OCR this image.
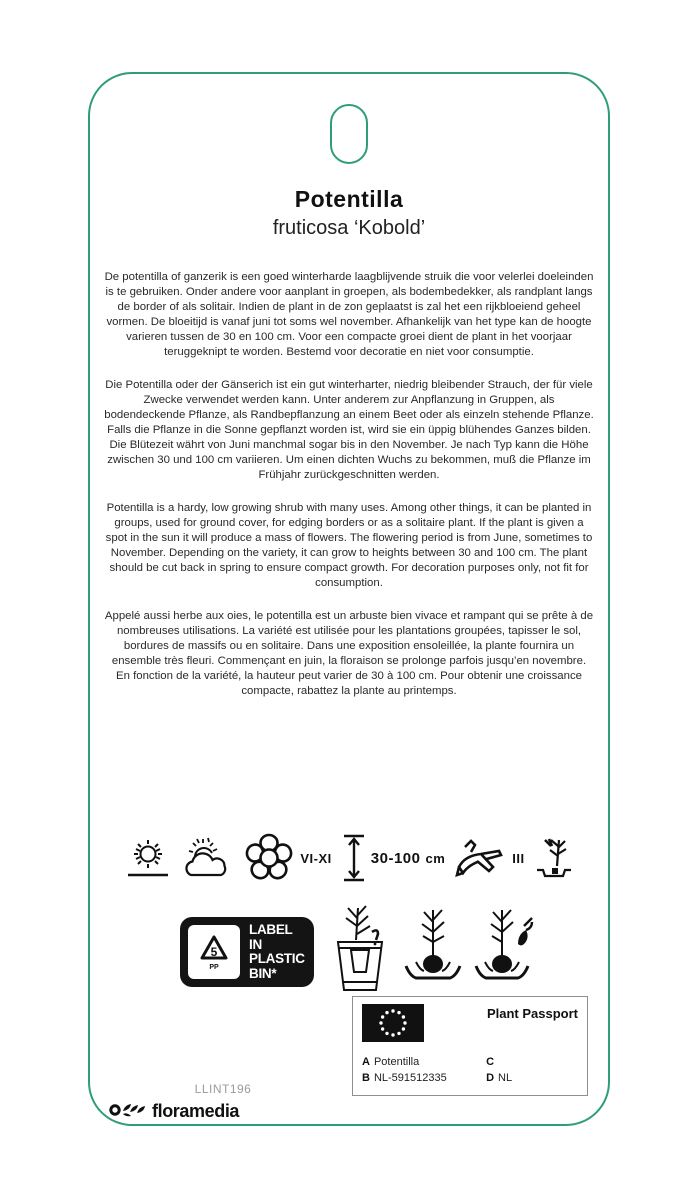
Potentilla
fruticosa ‘Kobold’

De potentilla of ganzerik is een goed winterharde laagblijvende struik die voor velerlei doeleinden is te gebruiken. Onder andere voor aanplant in groepen, als bodembedekker, als randplant langs de border of als solitair. Indien de plant in de zon geplaatst is zal het een rijkbloeiend geheel vormen. De bloeitijd is vanaf juni tot soms wel november. Afhankelijk van het type kan de hoogte varieren tussen de 30 en 100 cm. Voor een compacte groei dient de plant in het voorjaar teruggeknipt te worden. Bestemd voor decoratie en niet voor consumptie.

Die Potentilla oder der Gänserich ist ein gut winterharter, niedrig bleibender Strauch, der für viele Zwecke verwendet werden kann. Unter anderem zur Anpflanzung in Gruppen, als bodendeckende Pflanze, als Randbepflanzung an einem Beet oder als einzeln stehende Pflanze. Falls die Pflanze in die Sonne gepflanzt worden ist, wird sie ein üppig blühendes Ganzes bilden. Die Blütezeit währt von Juni manchmal sogar bis in den November. Je nach Typ kann die Höhe zwischen 30 und 100 cm variieren. Um einen dichten Wuchs zu bekommen, muß die Pflanze im Frühjahr zurückgeschnitten werden.

Potentilla is a hardy, low growing shrub with many uses. Among other things, it can be planted in groups, used for ground cover, for edging borders or as a solitaire plant. If the plant is given a spot in the sun it will produce a mass of flowers. The flowering period is from June, sometimes to November. Depending on the variety, it can grow to heights between 30 and 100 cm. The plant should be cut back in spring to ensure compact growth. For decoration purposes only, not fit for consumption.

Appelé aussi herbe aux oies, le potentilla est un arbuste bien vivace et rampant qui se prête à de nombreuses utilisations. La variété est utilisée pour les plantations groupées, tapisser le sol, bordures de massifs ou en solitaire. Dans une exposition ensoleillée, la plante fournira un ensemble très fleuri. Commençant en juin, la floraison se prolonge parfois jusqu’en novembre. En fonction de la variété, la hauteur peut varier de 30 à 100 cm. Pour obtenir une croissance compacte, rabattez la plante au printemps.

VI-XI	30-100 cm	III
5
PP
LABEL IN
PLASTIC
BIN*
Plant Passport
A Potentilla	C
B NL-591512335	D NL
LLINT196
floramedia
